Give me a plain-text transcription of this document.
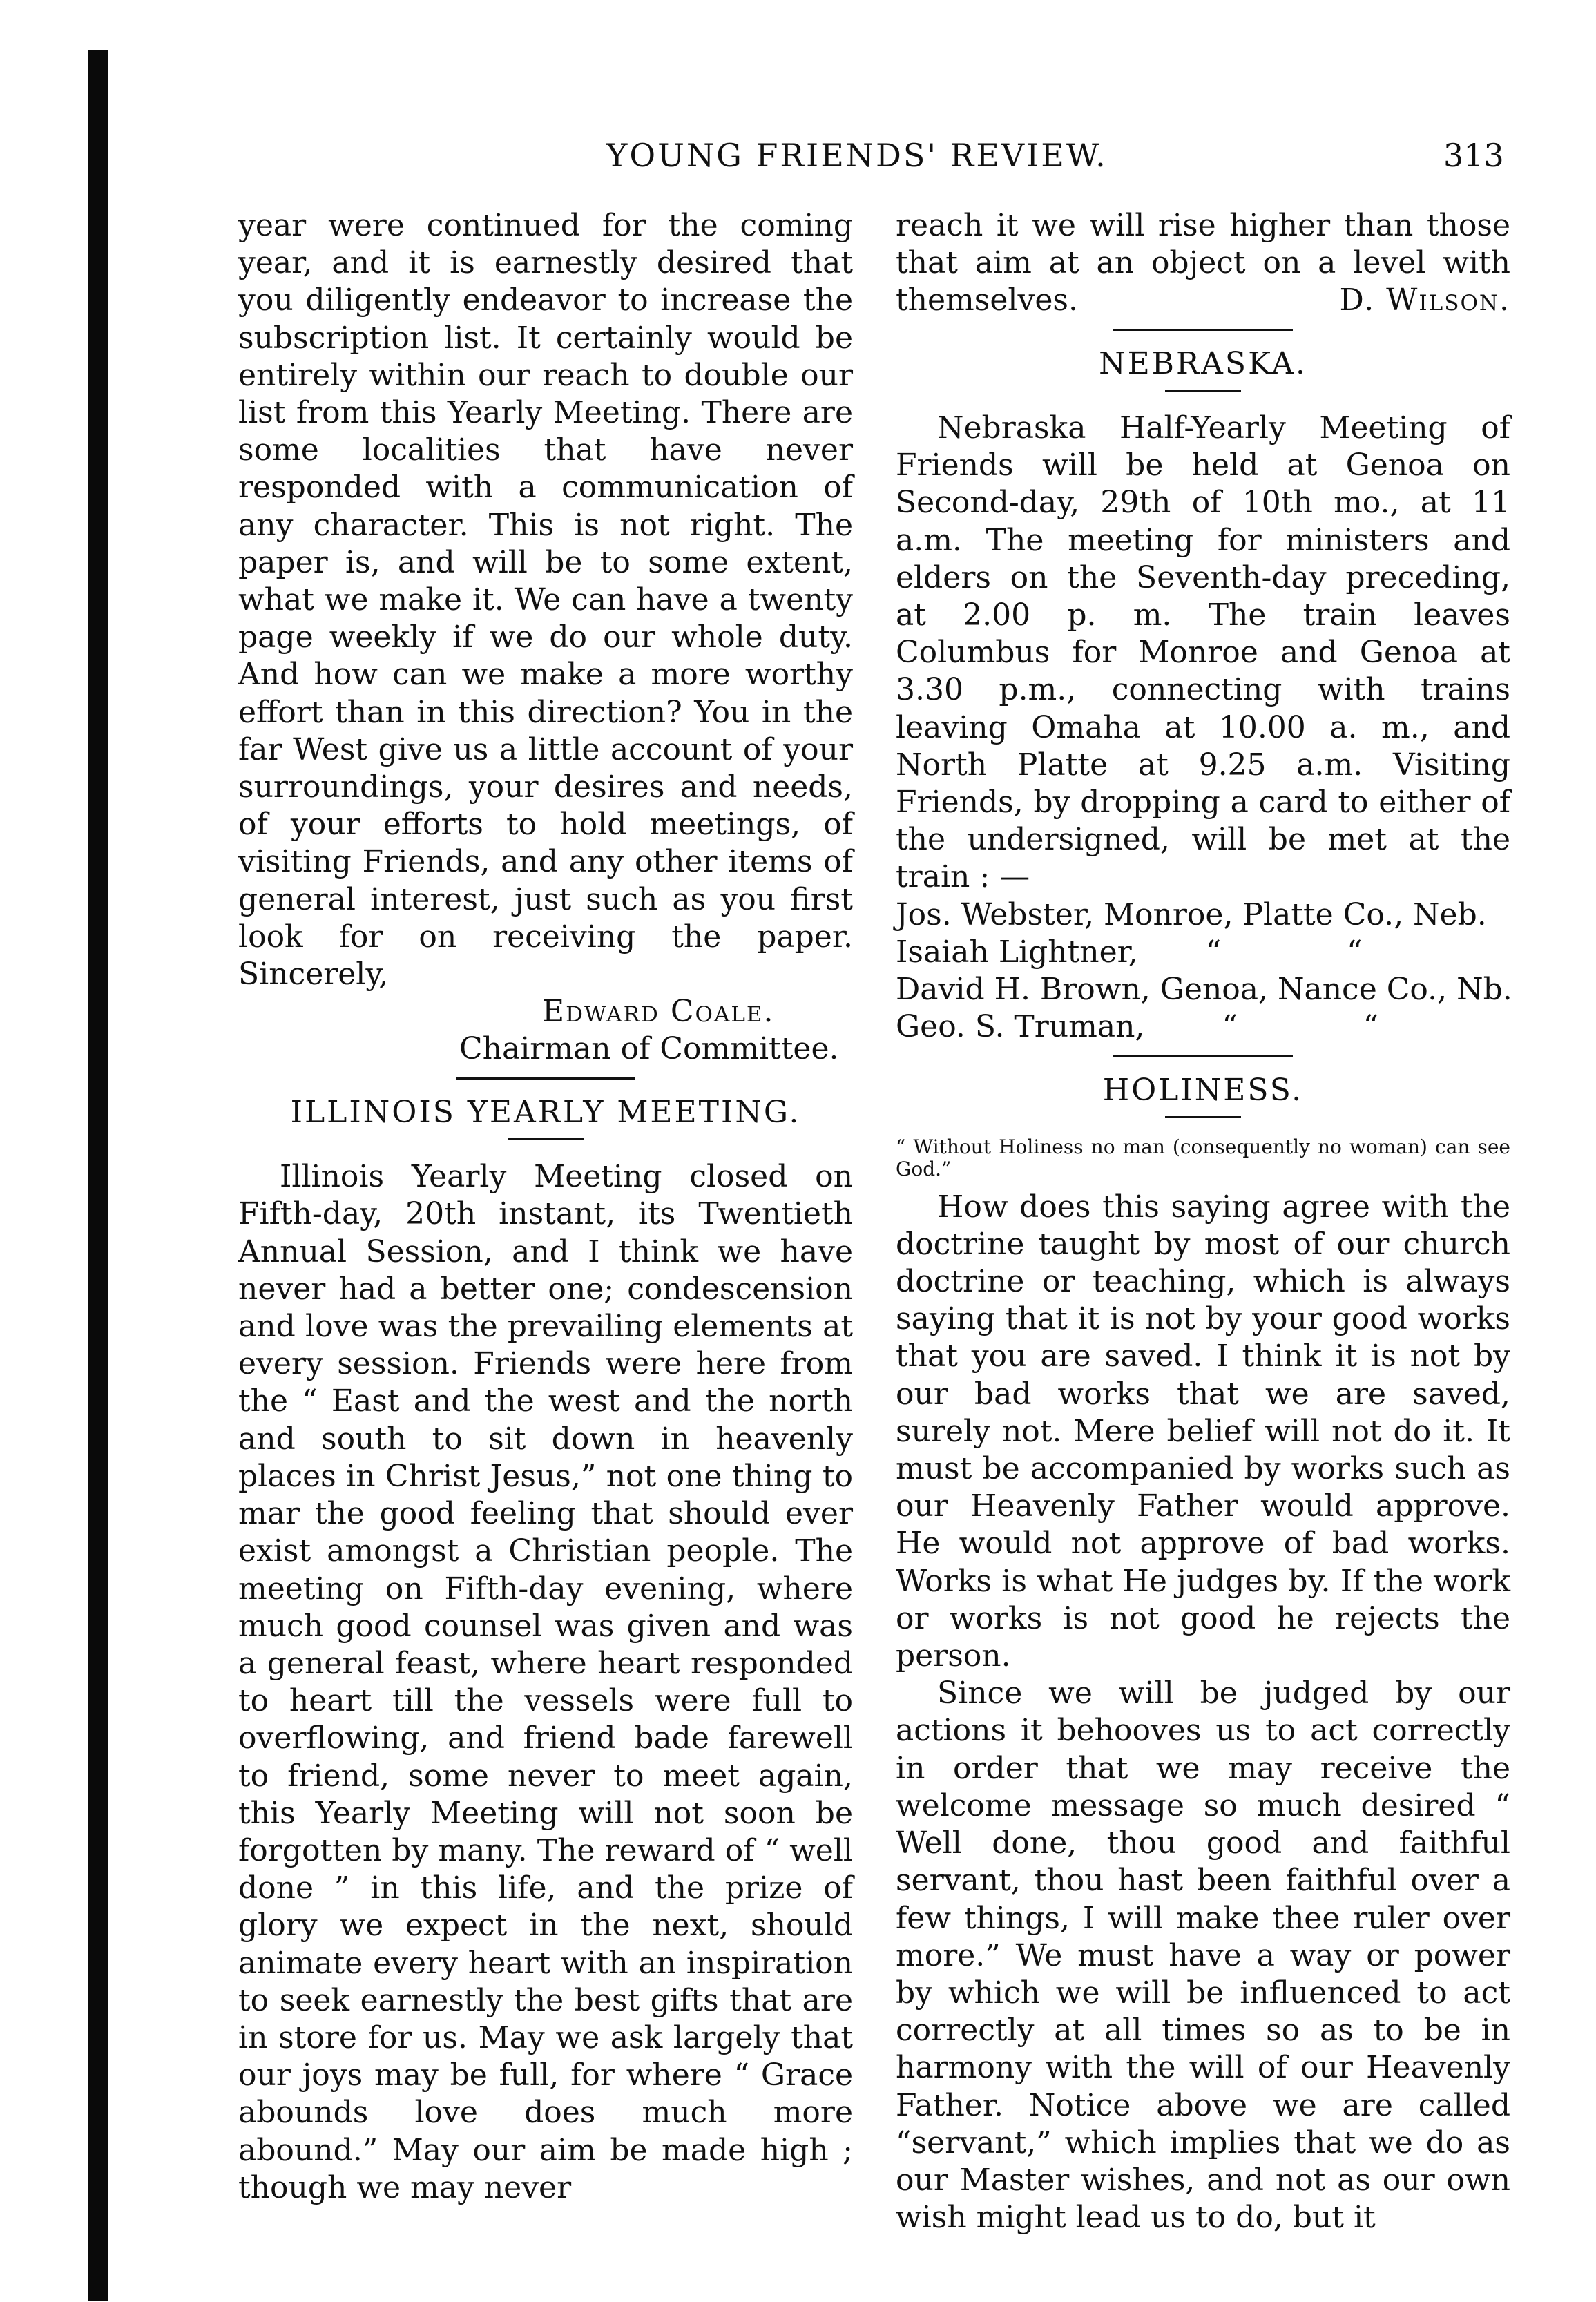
YOUNG FRIENDS' REVIEW.	313

year were continued for the coming year, and it is earnestly desired that you diligently endeavor to increase the subscription list. It certainly would be entirely within our reach to double our list from this Yearly Meeting. There are some localities that have never responded with a communication of any character. This is not right. The paper is, and will be to some extent, what we make it. We can have a twenty page weekly if we do our whole duty. And how can we make a more worthy effort than in this direction? You in the far West give us a little account of your surroundings, your desires and needs, of your efforts to hold meetings, of visiting Friends, and any other items of general interest, just such as you first look for on receiving the paper. Sincerely,

Edward Coale.
Chairman of Committee.
ILLINOIS YEARLY MEETING.

Illinois Yearly Meeting closed on Fifth-day, 20th instant, its Twentieth Annual Session, and I think we have never had a better one; condescension and love was the prevailing elements at every session. Friends were here from the “ East and the west and the north and south to sit down in heavenly places in Christ Jesus,” not one thing to mar the good feeling that should ever exist amongst a Christian people. The meeting on Fifth-day evening, where much good counsel was given and was a general feast, where heart responded to heart till the vessels were full to overflowing, and friend bade farewell to friend, some never to meet again, this Yearly Meeting will not soon be forgotten by many. The reward of “ well done ” in this life, and the prize of glory we expect in the next, should animate every heart with an inspiration to seek earnestly the best gifts that are in store for us. May we ask largely that our joys may be full, for where “ Grace abounds love does much more abound.” May our aim be made high ; though we may never

reach it we will rise higher than those that aim at an object on a level with themselves.	D. Wilson.

NEBRASKA.

Nebraska Half-Yearly Meeting of Friends will be held at Genoa on Second-day, 29th of 10th mo., at 11 a.m. The meeting for ministers and elders on the Seventh-day preceding, at 2.00 p. m. The train leaves Columbus for Monroe and Genoa at 3.30 p.m., connecting with trains leaving Omaha at 10.00 a. m., and North Platte at 9.25 a.m. Visiting Friends, by dropping a card to either of the undersigned, will be met at the train : —

Jos. Webster, Monroe, Platte Co., Neb.

Isaiah Lightner,       “             “

David H. Brown, Genoa, Nance Co., Nb.

Geo. S. Truman,        “             “

HOLINESS.

“ Without Holiness no man (consequently no woman) can see God.”

How does this saying agree with the doctrine taught by most of our church doctrine or teaching, which is always saying that it is not by your good works that you are saved. I think it is not by our bad works that we are saved, surely not. Mere belief will not do it. It must be accompanied by works such as our Heavenly Father would approve. He would not approve of bad works. Works is what He judges by. If the work or works is not good he rejects the person.

Since we will be judged by our actions it behooves us to act correctly in order that we may receive the welcome message so much desired “ Well done, thou good and faithful servant, thou hast been faithful over a few things, I will make thee ruler over more.” We must have a way or power by which we will be influenced to act correctly at all times so as to be in harmony with the will of our Heavenly Father. Notice above we are called “servant,” which implies that we do as our Master wishes, and not as our own wish might lead us to do, but it
